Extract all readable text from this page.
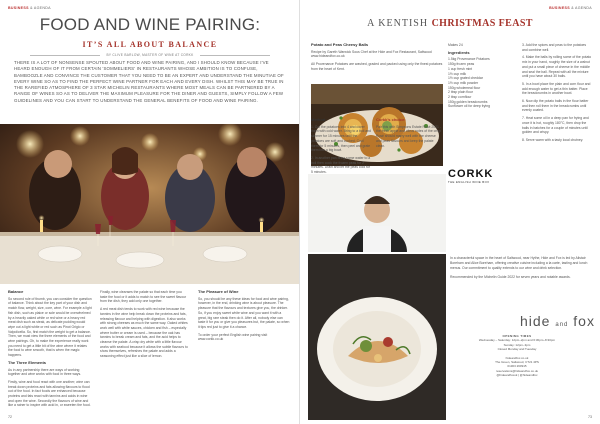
BUSINESS & AGENDA
FOOD AND WINE PAIRING:
IT’S ALL ABOUT BALANCE
BY CLIVE BARLOW, MASTER OF WINE AT CORKK
THERE IS A LOT OF NONSENSE SPOUTED ABOUT FOOD AND WINE PAIRING, AND I SHOULD KNOW BECAUSE I'VE HEARD ENOUGH OF IT FROM CERTAIN 'SOMMELIERS' IN RESTAURANTS WHOSE AMBITION IS TO CONFUSE, BAMBOOZLE AND CONVINCE THE CUSTOMER THAT YOU NEED TO BE AN EXPERT AND UNDERSTAND THE MINUTIAE OF EVERY WINE SO AS TO FIND THE PERFECT WINE PARTNER FOR EACH AND EVERY DISH. WHILST THIS MAY BE TRUE IN THE RAREFIED ATMOSPHERE OF 3 STAR MICHELIN RESTAURANTS WHERE MOST MEALS CAN BE PARTNERED BY A RANGE OF WINES SO AS TO DELIVER THE MAXIMUM PLEASURE FOR THE DINER AND GUESTS, SIMPLY FOLLOW A FEW GUIDELINES AND YOU CAN START TO UNDERSTAND THE GENERAL BENEFITS OF FOOD AND WINE PAIRING.
Balance

So second rule of thumb, you can consider the question of balance. Think about the key part of your dish and match flow, weight, size, core, wine. For example a light fish dish, such as plaice or sole would be overwhelmed by a heavily oaked white or red wine or a heavy red meat dish such as steak, as delicate pudding would wipe out a light white or red such as Pinot Grigio or Valpolicella. So, first match the weight to get a balance. Then, we must view the three elements of the food and wine pairings. Oh, to make the experience really work you need to get a little bit of the wine where it relates the food to wine smooth, that is when the magic happens.

The Three Elements

As in any partnership there are ways of working together and wine works with food in three ways.

Firstly, wine and food react with one another; wine can break down proteins and fats allowing flavours to flood out of the food. In fact foods are enhanced because proteins and fats react with tannins and acids in wine and open the wine. Secondly the flavours of wine and like a rainer to inspire with acid in, or sweeten the food.

Finally, wine cleanses the palate so that each time you taste the food or it adds to match to see the sweet flavour from the dish, they add only one together.

A red meat dish tends to work with red wine because the tannins in the wine help break down the proteins and fats, releasing flavour and helping with digestion. It also works with strong cheeses as much the same way. Oaked whites work well with white sauces, chicken and fish – especially where butter or cream is used – because the oak has tannins to break cream and fats, and the acid helps to cleanse the palate. A crisp dry white with a little flavour works with seafood because it allows the subtle flavours to show themselves, refreshes the palate and adds a seasoning effect just like a slice of lemon.

The Pleasure of Wine

So, you should be any these ideas for food and wine pairing, however, in the end, drinking wine is about pleasure. The pleasure that the flavours and textures give you, the drinker. So, if you enjoy sweet white wine and you want it with a great, big rare steak then do it. After all, nobody else can taste it for you or give you pleasures but, the palate, so when it tips red just to give it a chance.

To order your perfect English wine pairing visit www.corkk.co.uk

72
BUSINESS & AGENDA
A KENTISH CHRISTMAS FEAST
Potato and Peas Cheesy Balls

Recipe by Gareth Warwick Sous Chef at the Hide and Fox Restaurant, Saltwood www.hideandfox.co.uk

All Provenance Potatoes are washed, graded and packed using only the finest potatoes from the heart of Kent.

Method

1. Cut the potatoes into 4 and cover them with cold water. Bring to a boil and simmer for 15 minutes until the potatoes are soft and cooked. Cool them for 5 minutes, then peel and grate them into a big bowl.

2. In another pan bring some water to a boil then cook the frozen peas for 2 minutes. Drain and let the peas cool for 5 minutes.

Makes 24

Ingredients
1.5kg Provenance Potatoes
150g frozen peas
1 cup fresh mint
1½ cup milk
1½ cup grated cheddar
1½ cup milk powder
150g wholemeal flour
2 tbsp plain flour
2 tbsp cornflour
150g golden breadcrumbs
Sunflower oil for deep frying

3. Add the spices and peas to the potatoes and combine well.

4. Make the balls by rolling some of the potato mix in your hand, roughly the size of a walnut and put a small piece of cheese in the middle and seal the ball. Repeat with all the mixture until you have about 30 balls.

5. In a bowl place the plain and corn flour and add enough water to get a thin batter. Place the breadcrumbs in another bowl.

6. Now dip the potato balls in the flour batter and then roll them in the breadcrumbs until evenly coated.

7. Heat some oil in a deep pan for frying and once it is hot, roughly 180°C, then drop the balls in batches for a couple of minutes until golden and crispy.

8. Serve warm with a tasty local chutney.

Corkk’s choice:

Pair this with Simpsons Estate Rosé 2021 - the fresh apple and citrus notes of the crisp Rosé should marry well with the cheese and peas flavours and keep the palate clean.

CORKK
THE ENGLISH WINE BOX

In a characterful space in the heart of Saltwood, near Hythe, Hide and Fox is led by Alistair Boreham and Alice Boreham, offering creative cuisine including a la carte, tasting and lunch menus. Our commitment to quality extends to our wine and drink selection.

Recommended by the Michelin Guide 2022 for seven years and notable awards.

hide and fox
OPENING TIMES
Wednesday – Saturday: 12pm–2pm and 6:30pm–8:30pm
Sunday: 12pm–3pm
Closed Monday and Tuesday
hideandfox.co.uk
The Green, Saltwood, CT21 4PS
01303 260915
reservations@hideandfox.co.uk
@hideandfoxuk | @hideandfox
73
